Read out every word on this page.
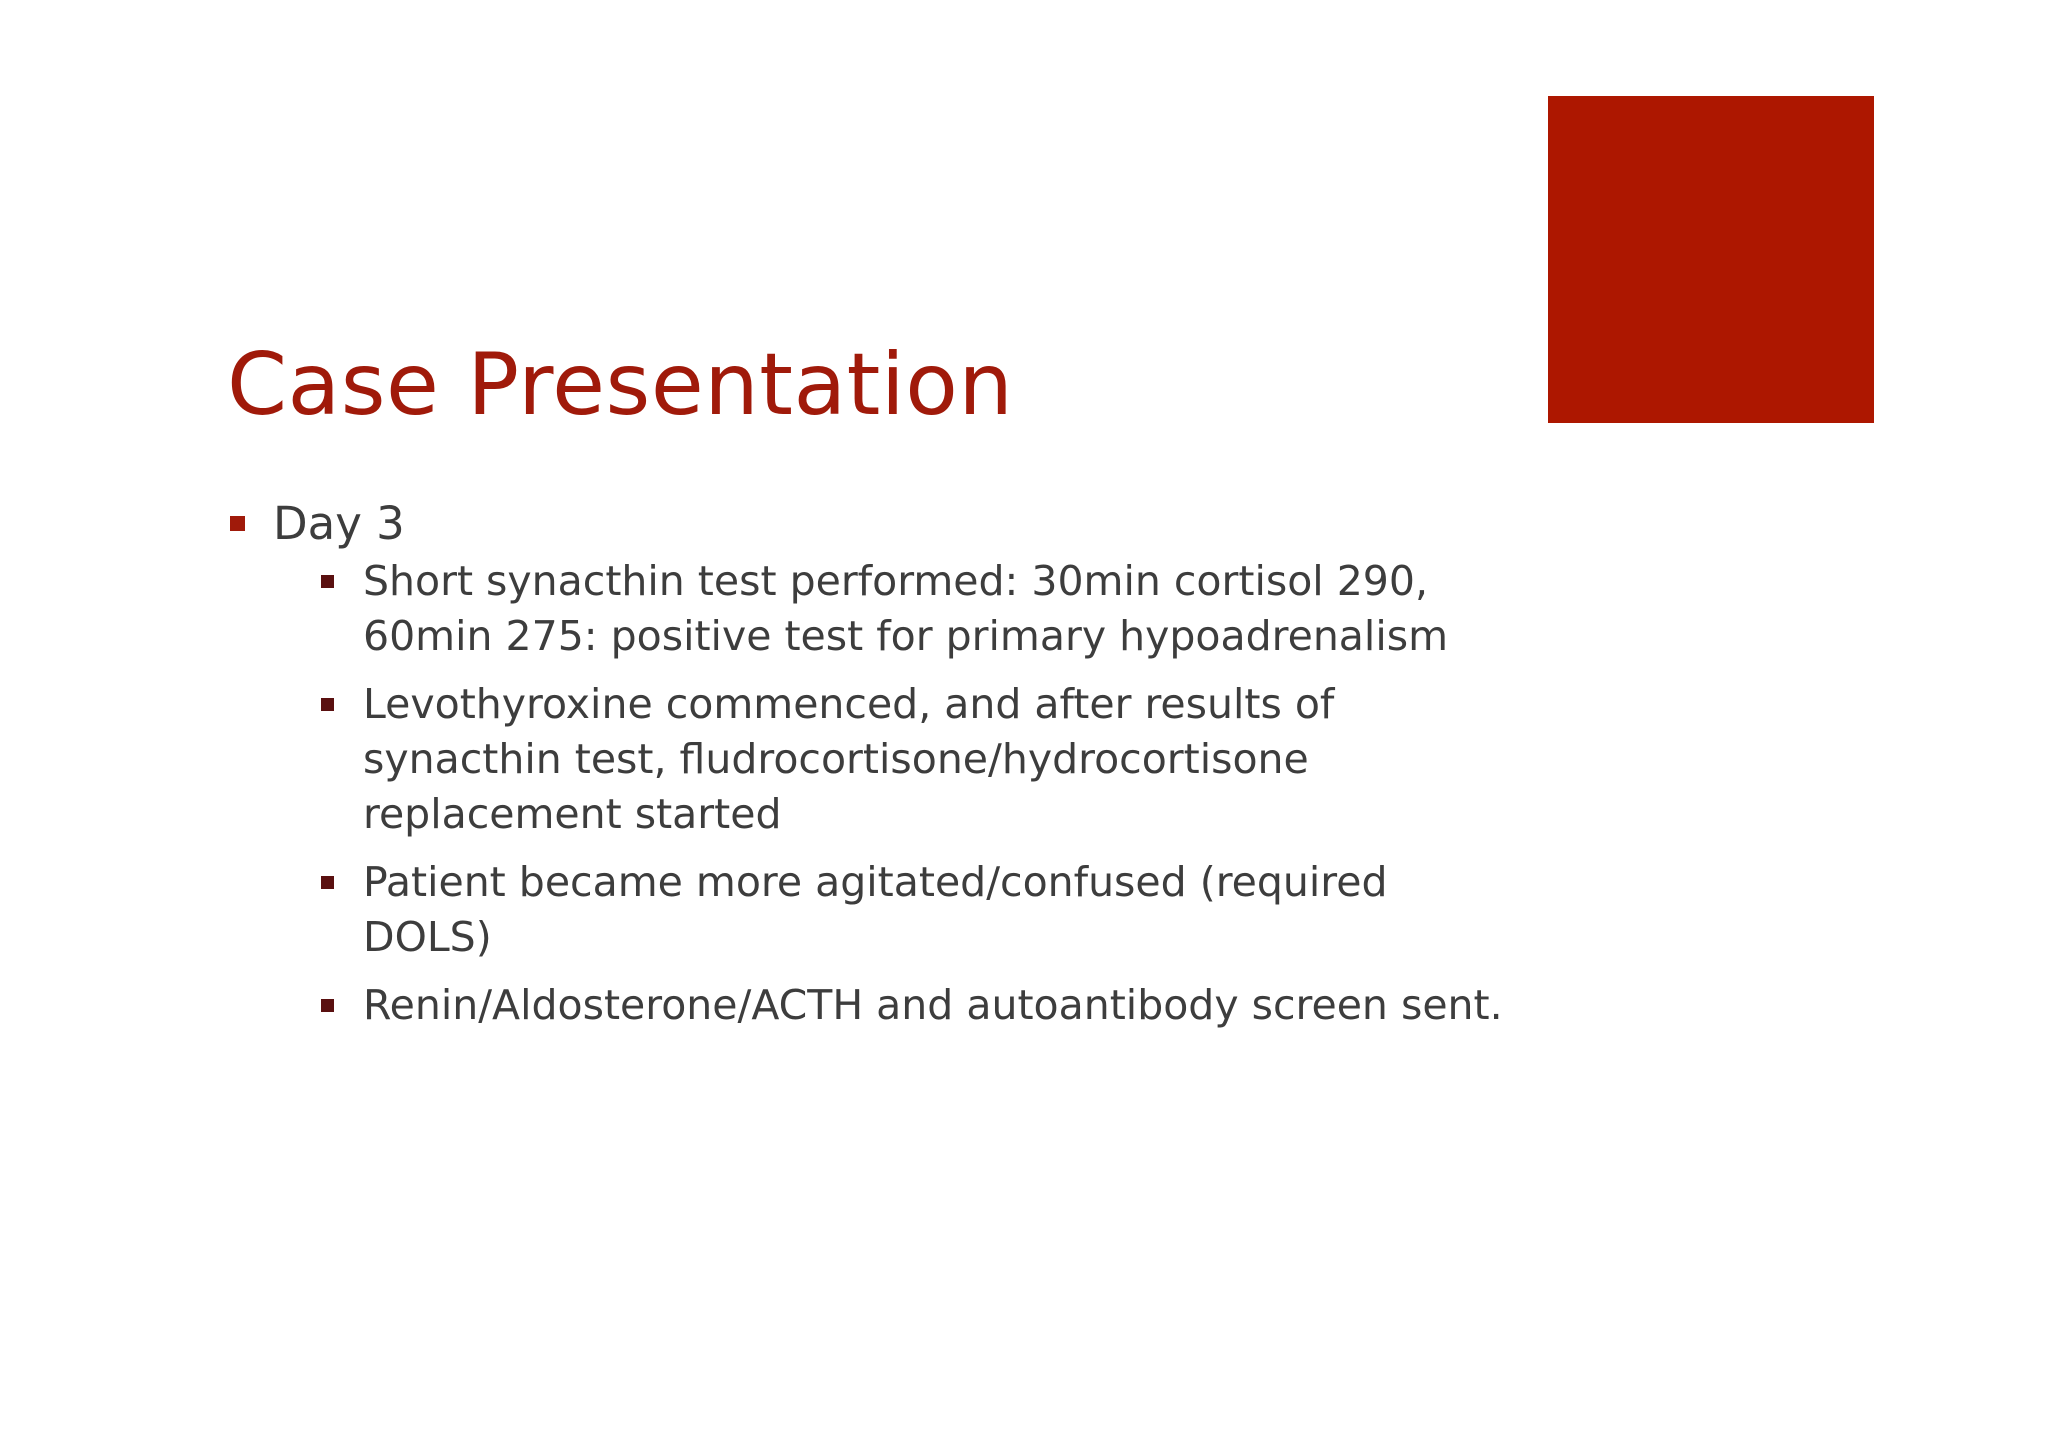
Case Presentation
Day 3
Short synacthin test performed: 30min cortisol 290, 60min 275: positive test for primary hypoadrenalism
Levothyroxine commenced, and after results of synacthin test, fludrocortisone/hydrocortisone replacement started
Patient became more agitated/confused (required DOLS)
Renin/Aldosterone/ACTH and autoantibody screen sent.
